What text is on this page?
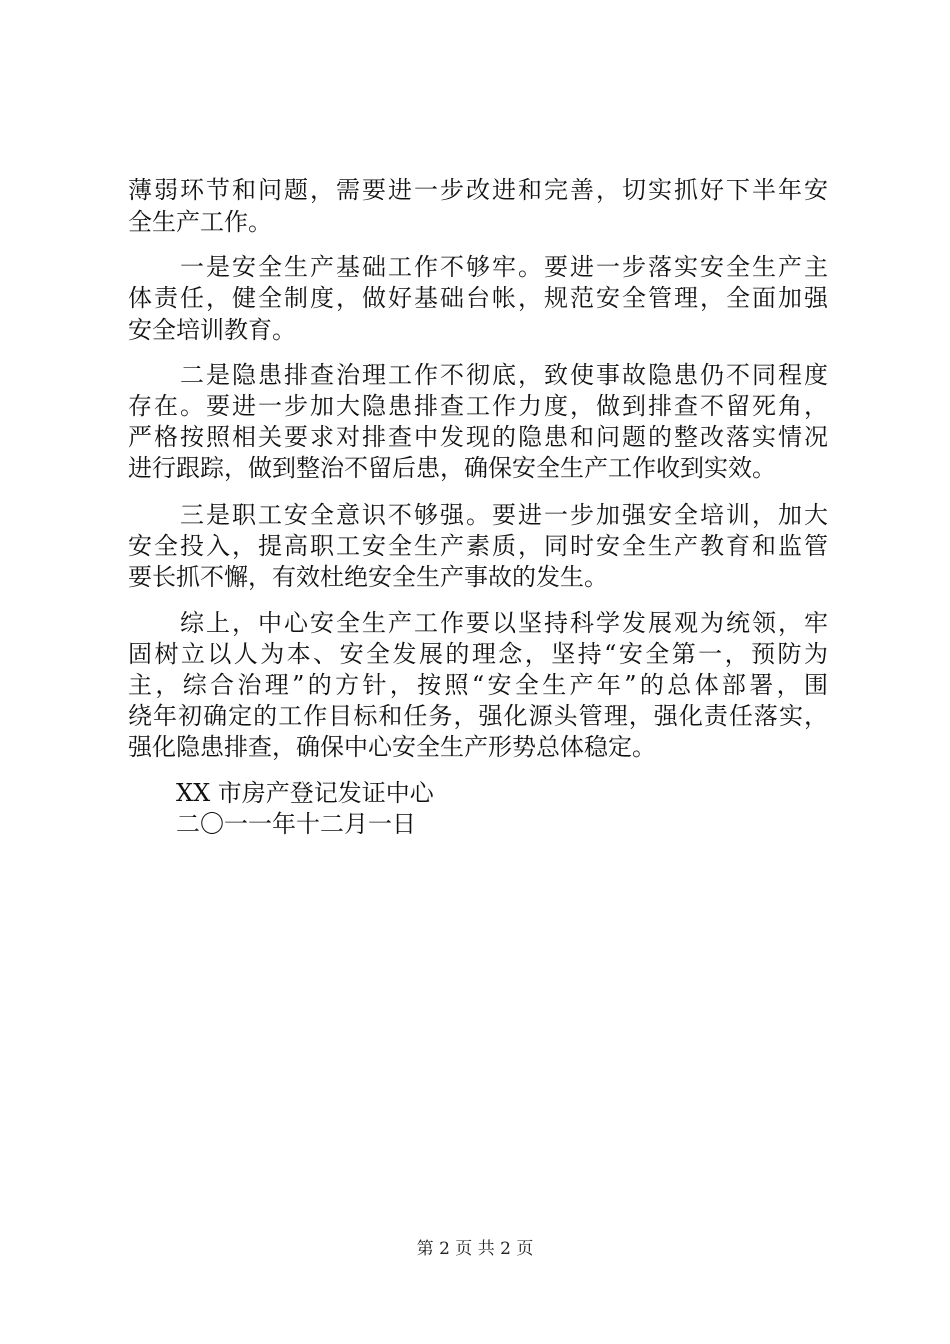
薄弱环节和问题，需要进一步改进和完善，切实抓好下半年安
全生产工作。
　　一是安全生产基础工作不够牢。要进一步落实安全生产主
体责任，健全制度，做好基础台帐，规范安全管理，全面加强
安全培训教育。
　　二是隐患排查治理工作不彻底，致使事故隐患仍不同程度
存在。要进一步加大隐患排查工作力度，做到排查不留死角，
严格按照相关要求对排查中发现的隐患和问题的整改落实情况
进行跟踪，做到整治不留后患，确保安全生产工作收到实效。
　　三是职工安全意识不够强。要进一步加强安全培训，加大
安全投入，提高职工安全生产素质，同时安全生产教育和监管
要长抓不懈，有效杜绝安全生产事故的发生。
　　综上，中心安全生产工作要以坚持科学发展观为统领，牢
固树立以人为本、安全发展的理念，坚持“安全第一，预防为
主，综合治理”的方针，按照“安全生产年”的总体部署，围
绕年初确定的工作目标和任务，强化源头管理，强化责任落实，
强化隐患排查，确保中心安全生产形势总体稳定。
XX 市房产登记发证中心
二〇一一年十二月一日
第 2 页 共 2 页
